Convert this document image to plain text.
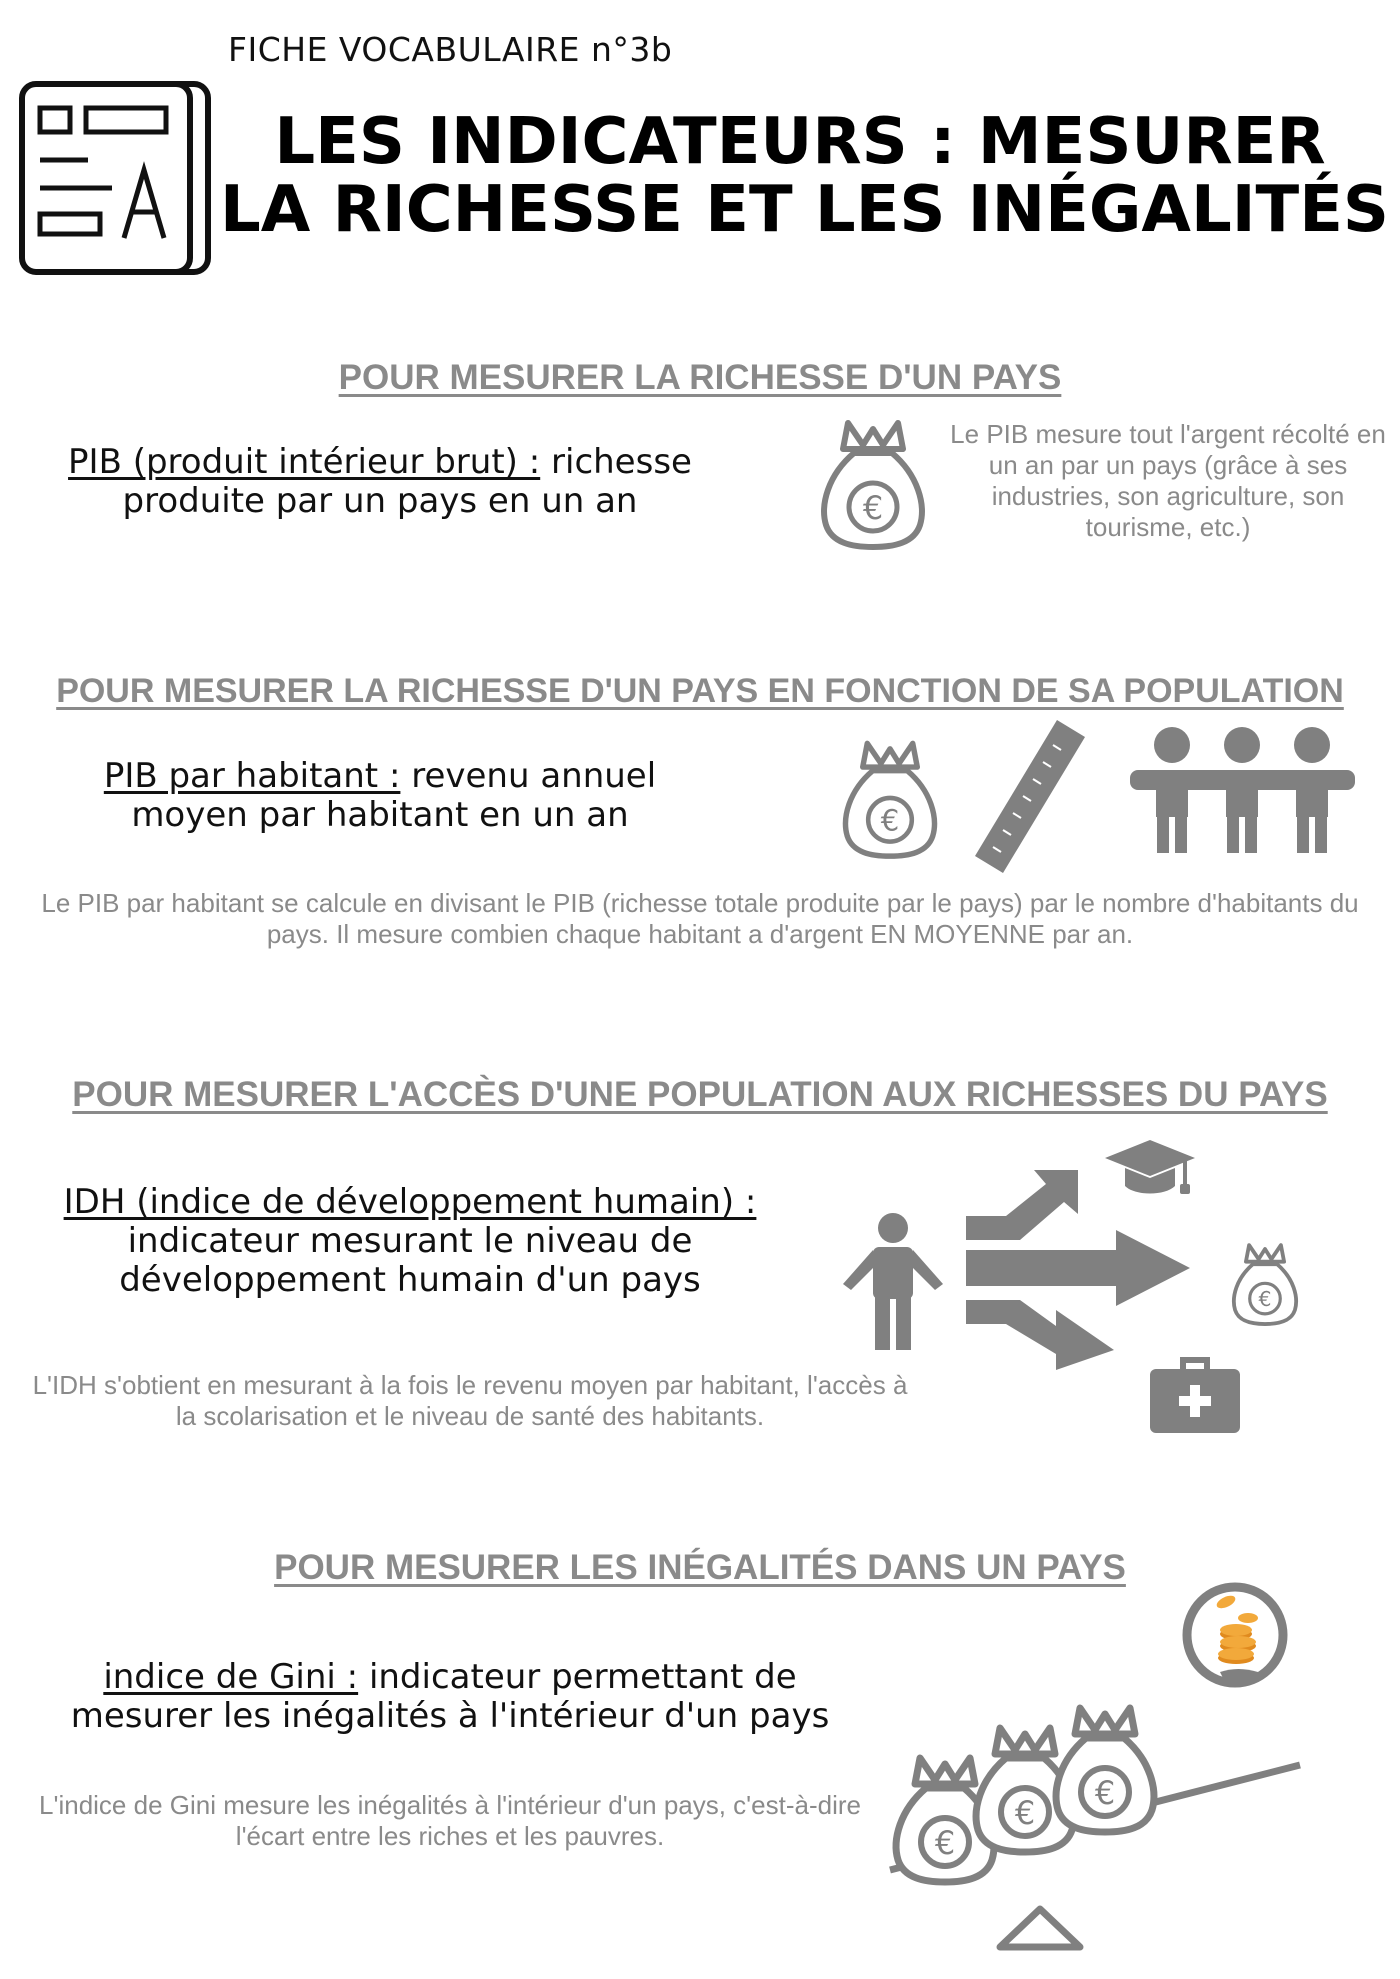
FICHE VOCABULAIRE n°3b
LES INDICATEURS : MESURER
LA RICHESSE ET LES INÉGALITÉS
POUR MESURER LA RICHESSE D'UN PAYS
PIB (produit intérieur brut) : richesse
produite par un pays en un an	€
Le PIB mesure tout l'argent récolté en un an par un pays (grâce à ses industries, son agriculture, son tourisme, etc.)
POUR MESURER LA RICHESSE D'UN PAYS EN FONCTION DE SA POPULATION
PIB par habitant : revenu annuel
moyen par habitant en un an	€
Le PIB par habitant se calcule en divisant le PIB (richesse totale produite par le pays) par le nombre d'habitants du pays. Il mesure combien chaque habitant a d'argent EN MOYENNE par an.
POUR MESURER L'ACCÈS D'UNE POPULATION AUX RICHESSES DU PAYS
IDH (indice de développement humain) :
indicateur mesurant le niveau de
développement humain d'un pays
L'IDH s'obtient en mesurant à la fois le revenu moyen par habitant, l'accès à la scolarisation et le niveau de santé des habitants.
€
POUR MESURER LES INÉGALITÉS DANS UN PAYS
indice de Gini : indicateur permettant de
mesurer les inégalités à l'intérieur d'un pays
L'indice de Gini mesure les inégalités à l'intérieur d'un pays, c'est-à-dire l'écart entre les riches et les pauvres.	€
€
€
